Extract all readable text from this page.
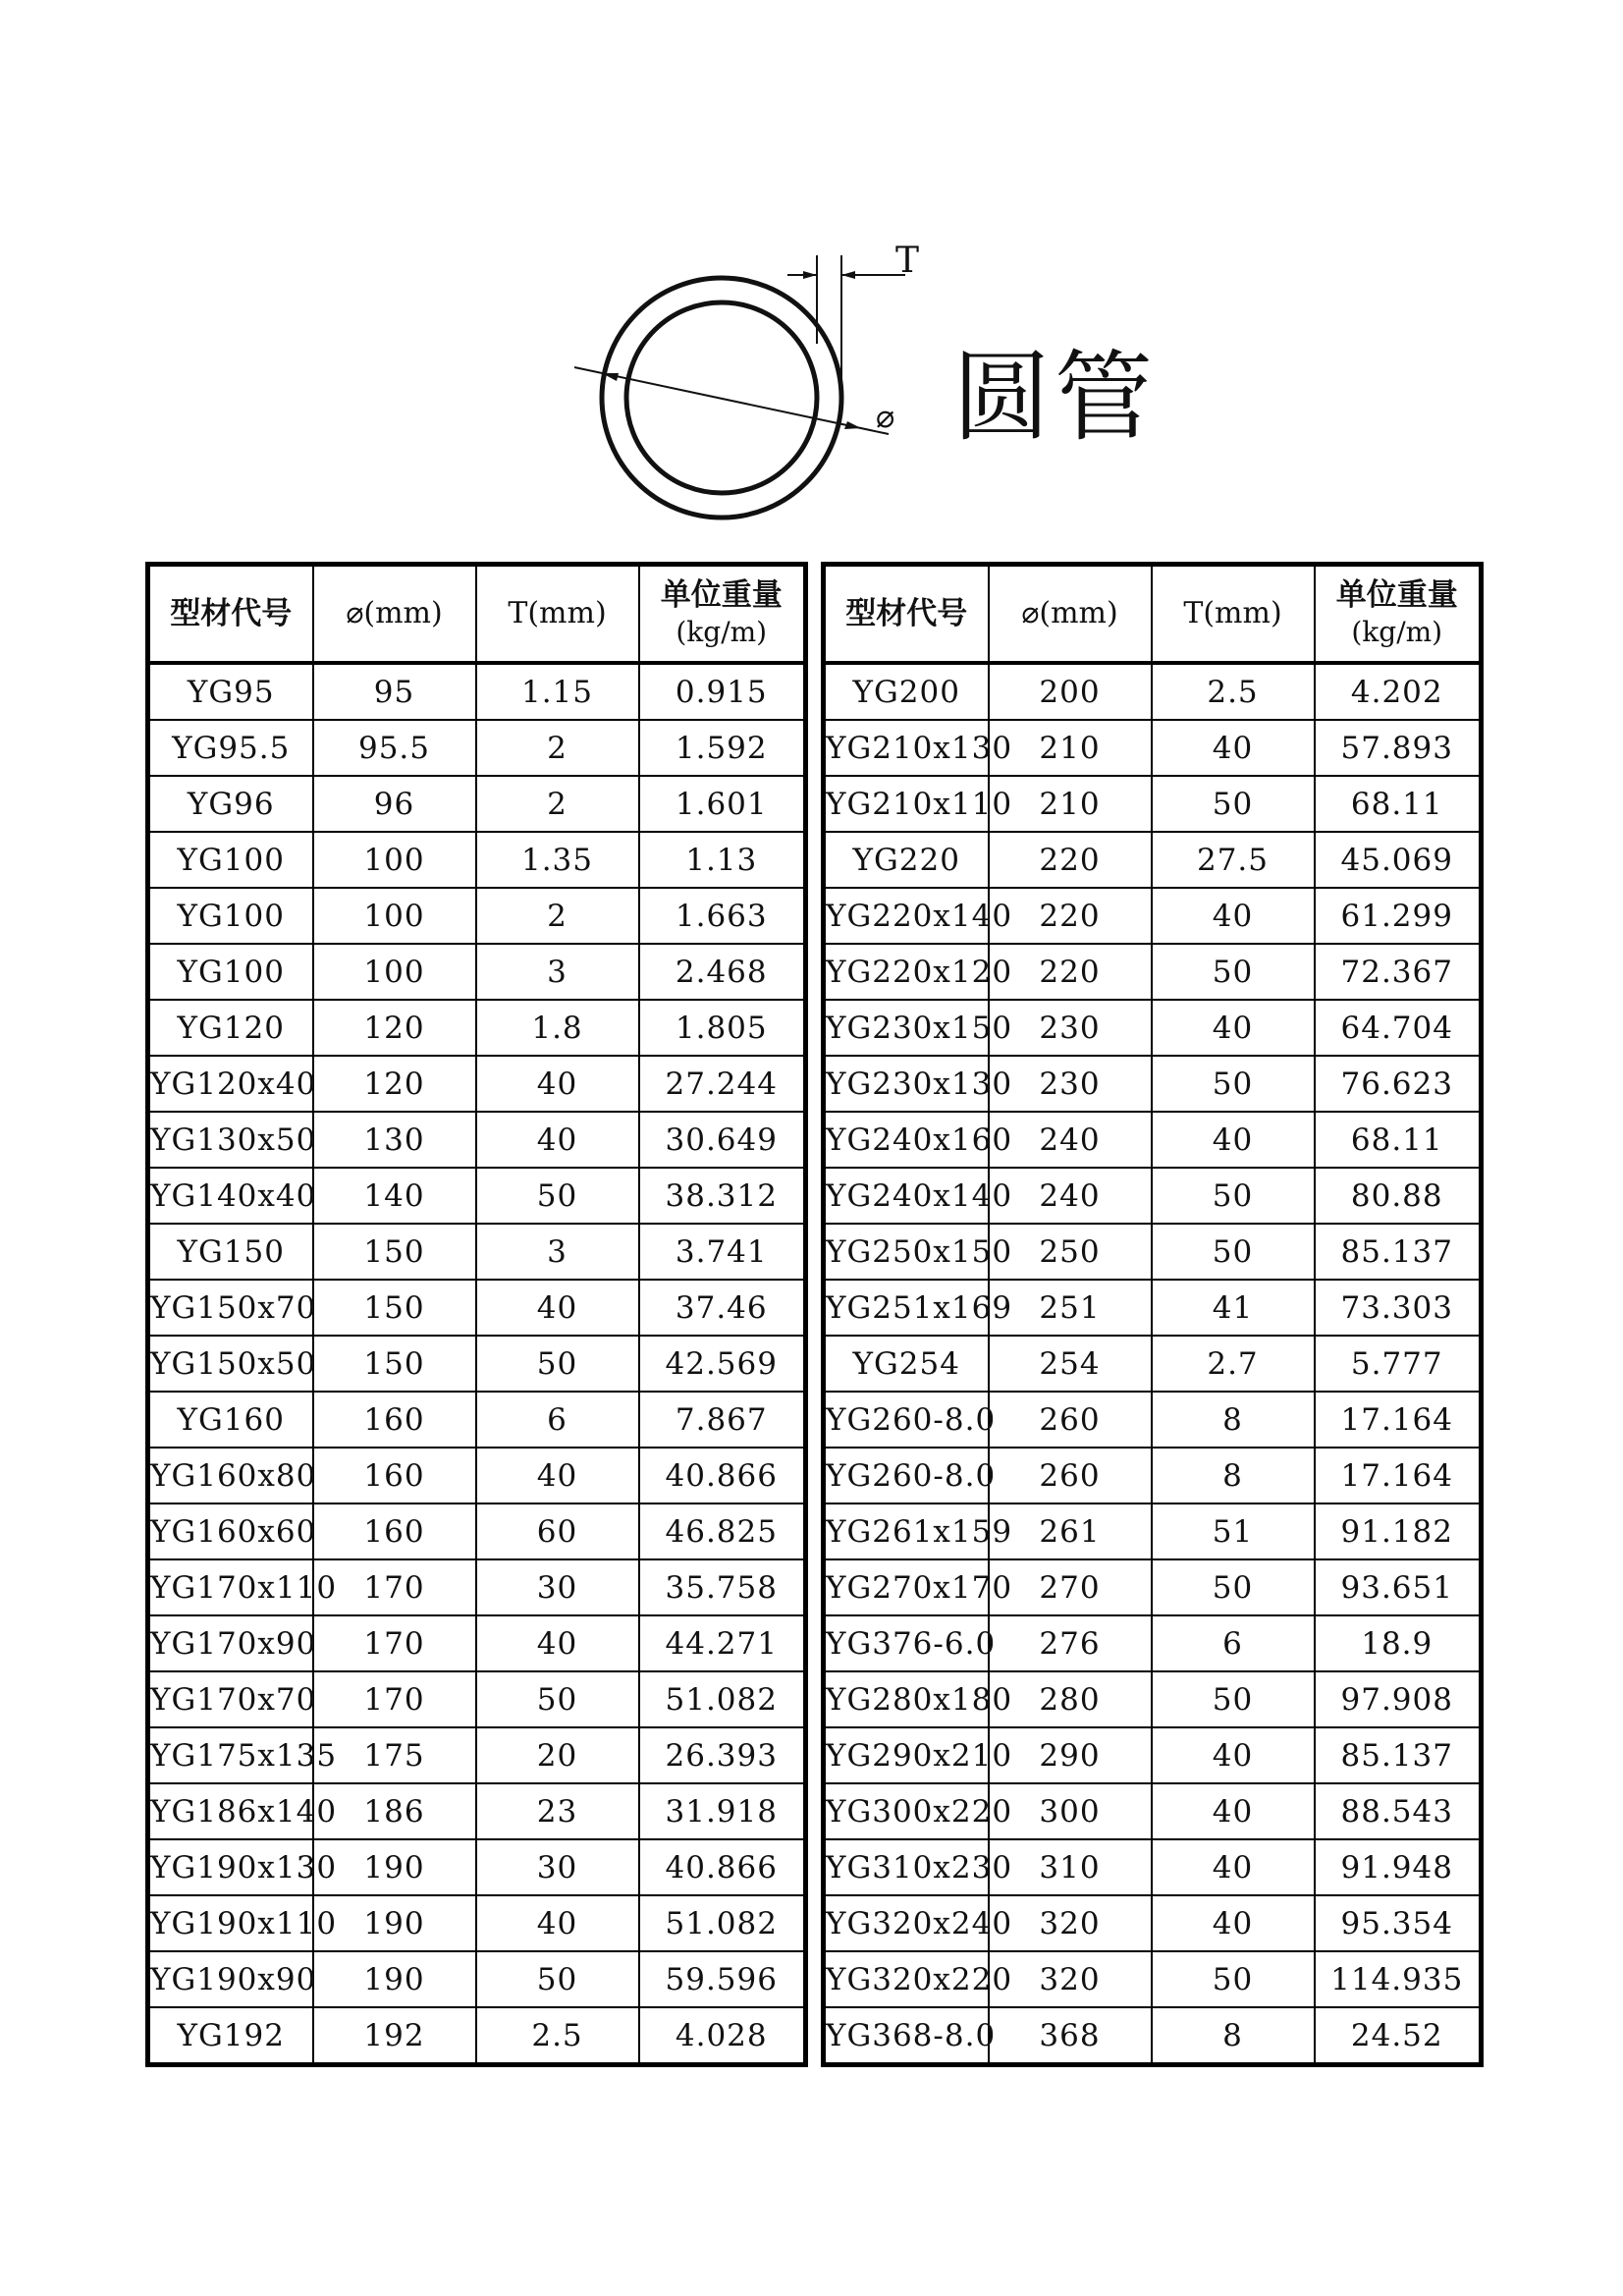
T
⌀ 圆管
型材代号	⌀(mm)	T(mm)	单位重量
(kg/m)

YG95	95	1.15	0.915
YG95.5	95.5	2	1.592
YG96	96	2	1.601
YG100	100	1.35	1.13
YG100	100	2	1.663
YG100	100	3	2.468
YG120	120	1.8	1.805
YG120x40	120	40	27.244
YG130x50	130	40	30.649
YG140x40	140	50	38.312
YG150	150	3	3.741
YG150x70	150	40	37.46
YG150x50	150	50	42.569
YG160	160	6	7.867
YG160x80	160	40	40.866
YG160x60	160	60	46.825
YG170x110	170	30	35.758
YG170x90	170	40	44.271
YG170x70	170	50	51.082
YG175x135	175	20	26.393
YG186x140	186	23	31.918
YG190x130	190	30	40.866
YG190x110	190	40	51.082
YG190x90	190	50	59.596
YG192	192	2.5	4.028
型材代号	⌀(mm)	T(mm)	单位重量
(kg/m)

YG200	200	2.5	4.202
YG210x130	210	40	57.893
YG210x110	210	50	68.11
YG220	220	27.5	45.069
YG220x140	220	40	61.299
YG220x120	220	50	72.367
YG230x150	230	40	64.704
YG230x130	230	50	76.623
YG240x160	240	40	68.11
YG240x140	240	50	80.88
YG250x150	250	50	85.137
YG251x169	251	41	73.303
YG254	254	2.7	5.777
YG260-8.0	260	8	17.164
YG260-8.0	260	8	17.164
YG261x159	261	51	91.182
YG270x170	270	50	93.651
YG376-6.0	276	6	18.9
YG280x180	280	50	97.908
YG290x210	290	40	85.137
YG300x220	300	40	88.543
YG310x230	310	40	91.948
YG320x240	320	40	95.354
YG320x220	320	50	114.935
YG368-8.0	368	8	24.52
